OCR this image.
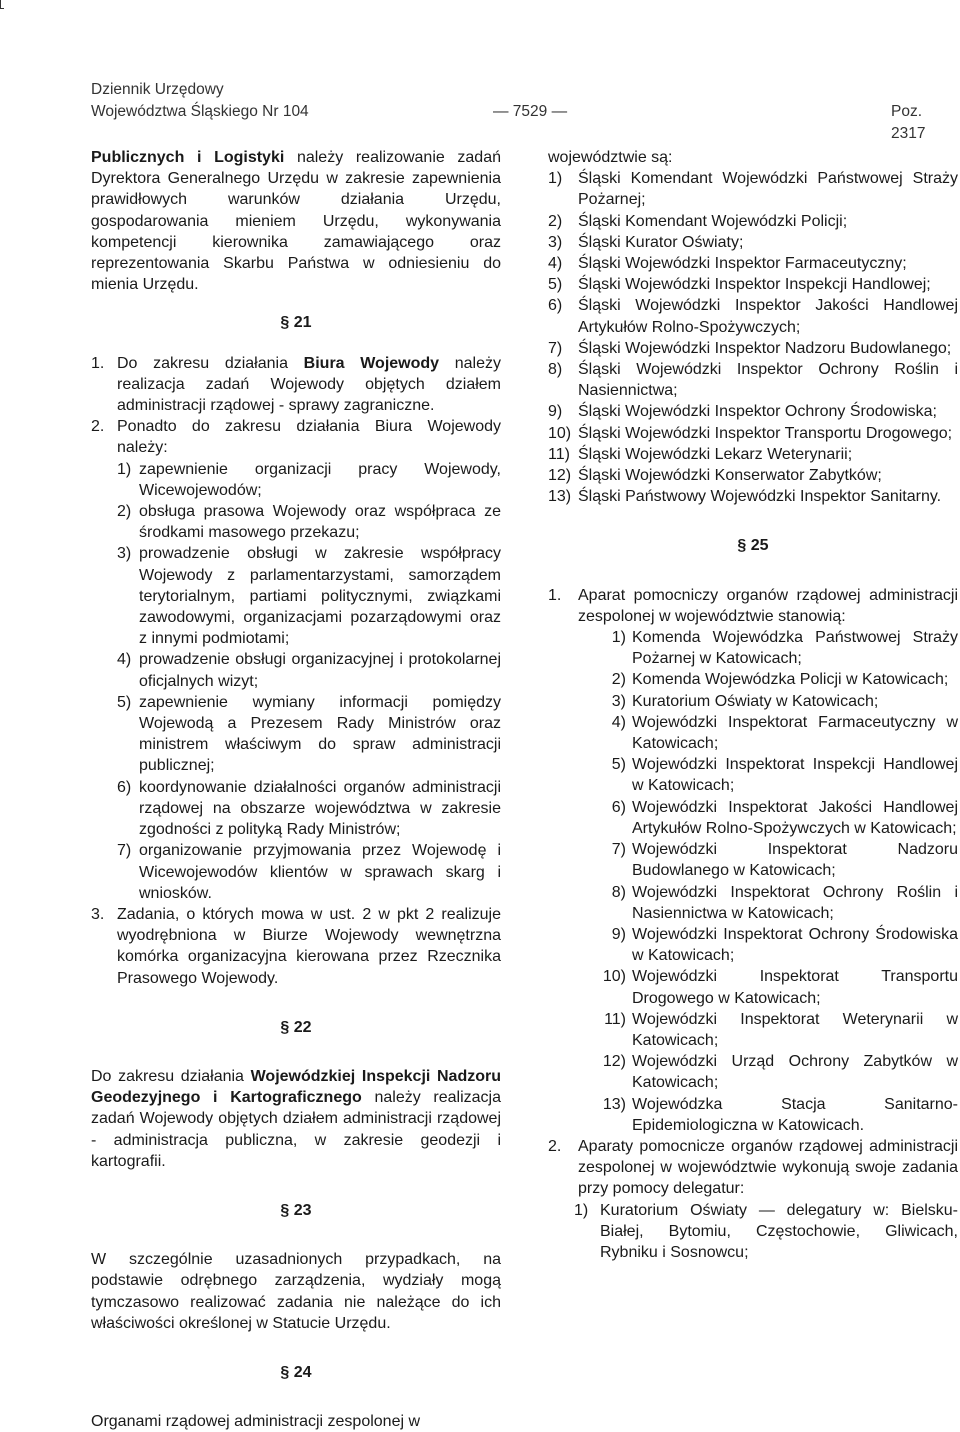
Dziennik Urzędowy
Województwa Śląskiego Nr 104	— 7529 —	Poz. 2317

Publicznych i Logistyki należy realizowanie zadań Dyrektora Generalnego Urzędu w zakresie zapewnienia prawidłowych warunków działania Urzędu, gospodarowania mieniem Urzędu, wykonywania kompetencji kierownika zamawiającego oraz reprezentowania Skarbu Państwa w odniesieniu do mienia Urzędu.

§ 21
1. Do zakresu działania Biura Wojewody należy realizacja zadań Wojewody objętych działem administracji rządowej - sprawy zagraniczne.
2. Ponadto do zakresu działania Biura Wojewody należy:
1) zapewnienie organizacji pracy Wojewody, Wicewojewodów;
2) obsługa prasowa Wojewody oraz współpraca ze środkami masowego przekazu;
3) prowadzenie obsługi w zakresie współpracy Wojewody z parlamentarzystami, samorządem terytorialnym, partiami politycznymi, związkami zawodowymi, organizacjami pozarządowymi oraz z innymi podmiotami;
4) prowadzenie obsługi organizacyjnej i protokolarnej oficjalnych wizyt;
5) zapewnienie wymiany informacji pomiędzy Wojewodą a Prezesem Rady Ministrów oraz ministrem właściwym do spraw administracji publicznej;
6) koordynowanie działalności organów administracji rządowej na obszarze województwa w zakresie zgodności z polityką Rady Ministrów;
7) organizowanie przyjmowania przez Wojewodę i Wicewojewodów klientów w sprawach skarg i wniosków.
3. Zadania, o których mowa w ust. 2 w pkt 2 realizuje wyodrębniona w Biurze Wojewody wewnętrzna komórka organizacyjna kierowana przez Rzecznika Prasowego Wojewody.
§ 22

Do zakresu działania Wojewódzkiej Inspekcji Nadzoru Geodezyjnego i Kartograficznego należy realizacja zadań Wojewody objętych działem administracji rządowej - administracja publiczna, w zakresie geodezji i kartografii.

§ 23

W szczególnie uzasadnionych przypadkach, na podstawie odrębnego zarządzenia, wydziały mogą tymczasowo realizować zadania nie należące do ich właściwości określonej w Statucie Urzędu.

§ 24

Organami rządowej administracji zespolonej w

województwie są:

1) Śląski Komendant Wojewódzki Państwowej Straży Pożarnej;
2) Śląski Komendant Wojewódzki Policji;
3) Śląski Kurator Oświaty;
4) Śląski Wojewódzki Inspektor Farmaceutyczny;
5) Śląski Wojewódzki Inspektor Inspekcji Handlowej;
6) Śląski Wojewódzki Inspektor Jakości Handlowej Artykułów Rolno-Spożywczych;
7) Śląski Wojewódzki Inspektor Nadzoru Budowlanego;
8) Śląski Wojewódzki Inspektor Ochrony Roślin i Nasiennictwa;
9) Śląski Wojewódzki Inspektor Ochrony Środowiska;
10) Śląski Wojewódzki Inspektor Transportu Drogowego;
11) Śląski Wojewódzki Lekarz Weterynarii;
12) Śląski Wojewódzki Konserwator Zabytków;
13) Śląski Państwowy Wojewódzki Inspektor Sanitarny.
§ 25
1.	Aparat pomocniczy organów rządowej administracji zespolonej w województwie stanowią:
1) Komenda Wojewódzka Państwowej Straży Pożarnej w Katowicach;
2) Komenda Wojewódzka Policji w Katowicach;
3) Kuratorium Oświaty w Katowicach;
4) Wojewódzki Inspektorat Farmaceutyczny w Katowicach;
5) Wojewódzki Inspektorat Inspekcji Handlowej w Katowicach;
6) Wojewódzki Inspektorat Jakości Handlowej Artykułów Rolno-Spożywczych w Katowicach;
7) Wojewódzki Inspektorat Nadzoru Budowlanego w Katowicach;
8) Wojewódzki Inspektorat Ochrony Roślin i Nasiennictwa w Katowicach;
9) Wojewódzki Inspektorat Ochrony Środowiska w Katowicach;
10) Wojewódzki Inspektorat Transportu Drogowego w Katowicach;
11) Wojewódzki Inspektorat Weterynarii w Katowicach;
12) Wojewódzki Urząd Ochrony Zabytków w Katowicach;
13) Wojewódzka Stacja Sanitarno-Epidemiologiczna w Katowicach.
2.	Aparaty pomocnicze organów rządowej administracji zespolonej w województwie wykonują swoje zadania przy pomocy delegatur:
1) Kuratorium Oświaty — delegatury w: Bielsku-Białej, Bytomiu, Częstochowie, Gliwicach, Rybniku i Sosnowcu;
